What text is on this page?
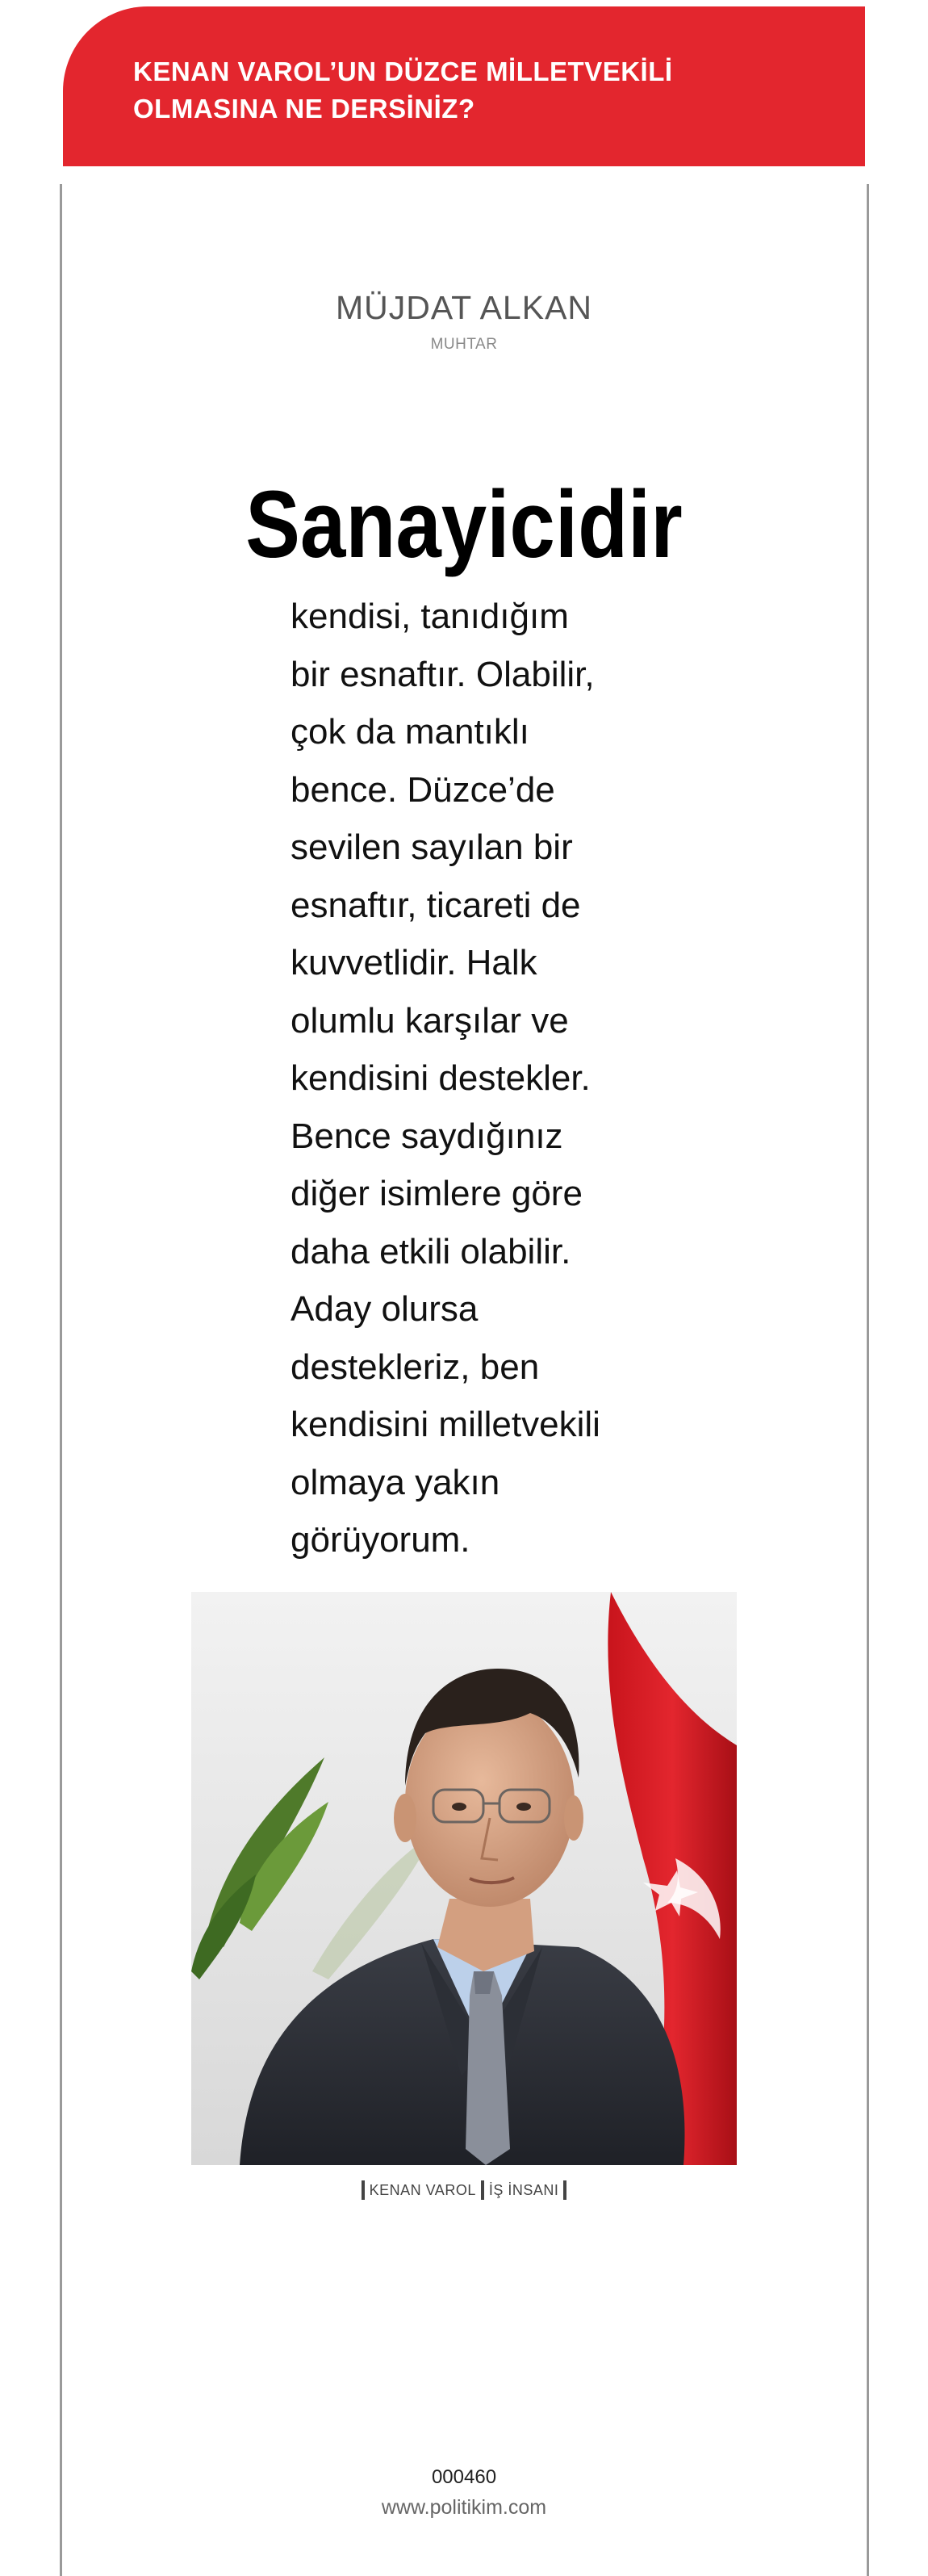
KENAN VAROL’UN DÜZCE MİLLETVEKİLİ
OLMASINA NE DERSİNİZ?

MÜJDAT ALKAN
MUHTAR
Sanayicidir

kendisi, tanıdığım

bir esnaftır. Olabilir,

çok da mantıklı

bence. Düzce’de

sevilen sayılan bir

esnaftır, ticareti de

kuvvetlidir. Halk

olumlu karşılar ve

kendisini destekler.

Bence saydığınız

diğer isimlere göre

daha etkili olabilir.

Aday olursa

destekleriz, ben

kendisini milletvekili

olmaya yakın

görüyorum.

KENAN VAROL İŞ İNSANI
000460
www.politikim.com
